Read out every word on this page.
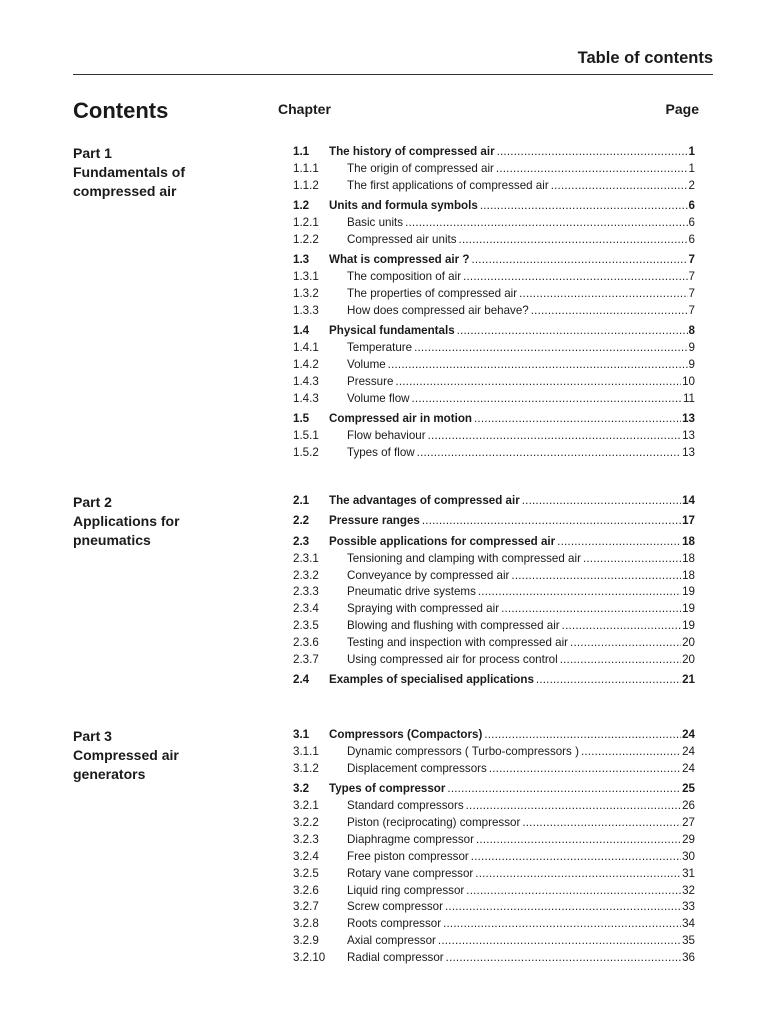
Table of contents
Contents	Chapter	Page
Part 1
Fundamentals of
compressed air
Part 2
Applications for
pneumatics
Part 3
Compressed air
generators
1.1	The history of compressed air .....	1
1.1.1	The origin of compressed air .....	1
1.1.2	The first applications of compressed air .....	2
1.2	Units and formula symbols .....	6
1.2.1	Basic units .....	6
1.2.2	Compressed air units .....	6
1.3	What is compressed air ? .....	7
1.3.1	The composition of air .....	7
1.3.2	The properties of compressed air .....	7
1.3.3	How does compressed air behave? .....	7
1.4	Physical fundamentals .....	8
1.4.1	Temperature .....	9
1.4.2	Volume .....	9
1.4.3	Pressure .....	10
1.4.3	Volume flow .....	11
1.5	Compressed air in motion .....	13
1.5.1	Flow behaviour .....	13
1.5.2	Types of flow .....	13
2.1	The advantages of compressed air .....	14
2.2	Pressure ranges .....	17
2.3	Possible applications for compressed air .....	18
2.3.1	Tensioning and clamping with compressed air .....	18
2.3.2	Conveyance by compressed air .....	18
2.3.3	Pneumatic drive systems .....	19
2.3.4	Spraying with compressed air .....	19
2.3.5	Blowing and flushing with compressed air .....	19
2.3.6	Testing and inspection with compressed air .....	20
2.3.7	Using compressed air for process control .....	20
2.4	Examples of specialised applications .....	21
3.1	Compressors (Compactors) .....	24
3.1.1	Dynamic compressors ( Turbo-compressors ) .....	24
3.1.2	Displacement compressors .....	24
3.2	Types of compressor .....	25
3.2.1	Standard compressors .....	26
3.2.2	Piston (reciprocating) compressor .....	27
3.2.3	Diaphragme compressor .....	29
3.2.4	Free piston compressor .....	30
3.2.5	Rotary vane compressor .....	31
3.2.6	Liquid ring compressor .....	32
3.2.7	Screw compressor .....	33
3.2.8	Roots compressor .....	34
3.2.9	Axial compressor .....	35
3.2.10	Radial compressor .....	36
